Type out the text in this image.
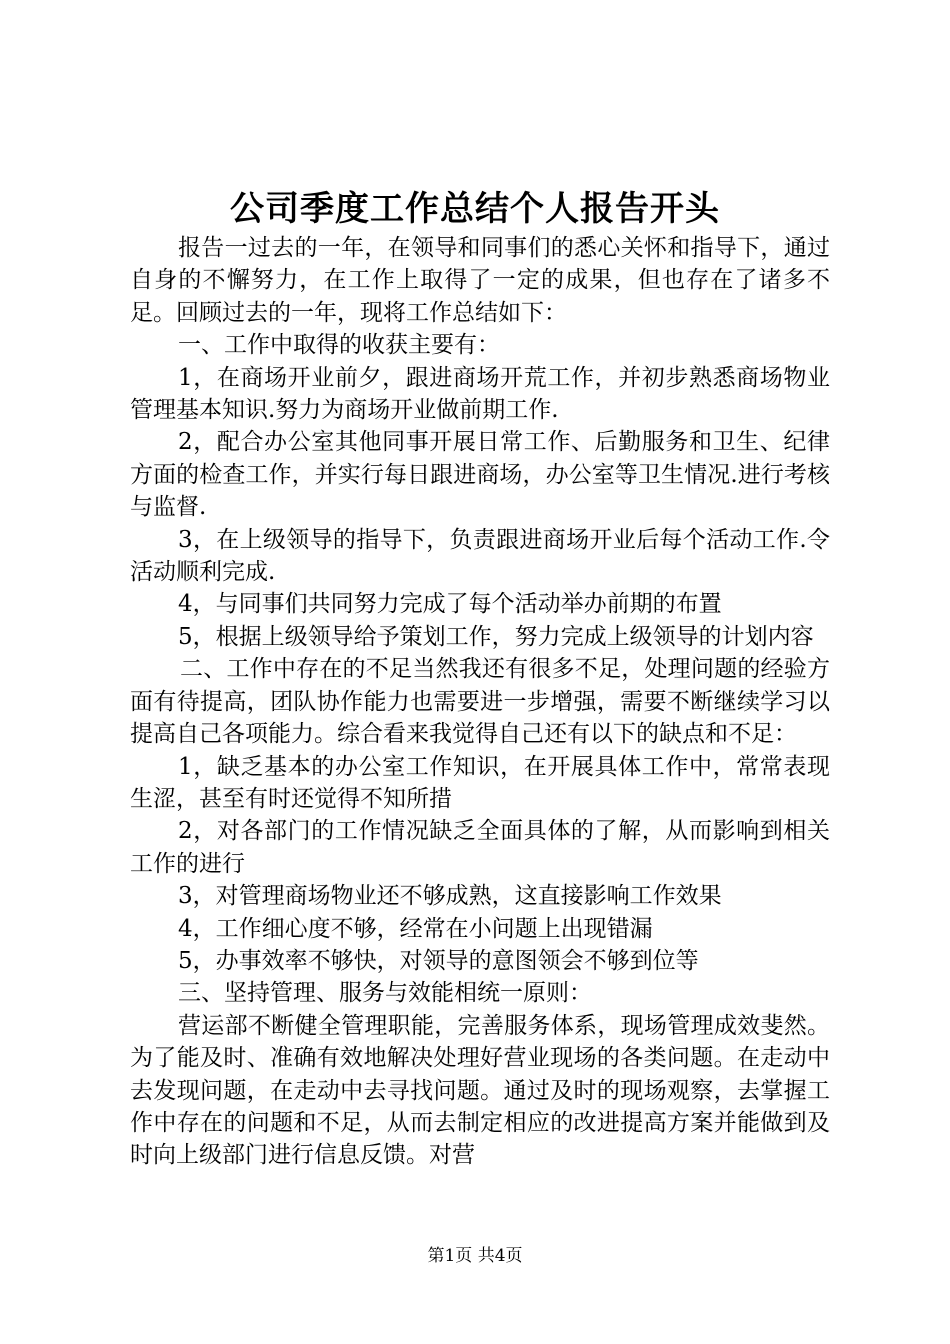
公司季度工作总结个人报告开头

报告一过去的一年，在领导和同事们的悉心关怀和指导下，通过自身的不懈努力，在工作上取得了一定的成果，但也存在了诸多不足。回顾过去的一年，现将工作总结如下：

一、工作中取得的收获主要有：

1，在商场开业前夕，跟进商场开荒工作，并初步熟悉商场物业管理基本知识.努力为商场开业做前期工作.

2，配合办公室其他同事开展日常工作、后勤服务和卫生、纪律方面的检查工作，并实行每日跟进商场，办公室等卫生情况.进行考核与监督.

3，在上级领导的指导下，负责跟进商场开业后每个活动工作.令活动顺利完成.

4，与同事们共同努力完成了每个活动举办前期的布置

5，根据上级领导给予策划工作，努力完成上级领导的计划内容

二、工作中存在的不足当然我还有很多不足，处理问题的经验方面有待提高，团队协作能力也需要进一步增强，需要不断继续学习以提高自己各项能力。综合看来我觉得自己还有以下的缺点和不足：

1，缺乏基本的办公室工作知识，在开展具体工作中，常常表现生涩，甚至有时还觉得不知所措

2，对各部门的工作情况缺乏全面具体的了解，从而影响到相关工作的进行

3，对管理商场物业还不够成熟，这直接影响工作效果

4，工作细心度不够，经常在小问题上出现错漏

5，办事效率不够快，对领导的意图领会不够到位等

三、坚持管理、服务与效能相统一原则：

营运部不断健全管理职能，完善服务体系，现场管理成效斐然。为了能及时、准确有效地解决处理好营业现场的各类问题。在走动中去发现问题，在走动中去寻找问题。通过及时的现场观察，去掌握工作中存在的问题和不足，从而去制定相应的改进提高方案并能做到及时向上级部门进行信息反馈。对营

第1页 共4页
